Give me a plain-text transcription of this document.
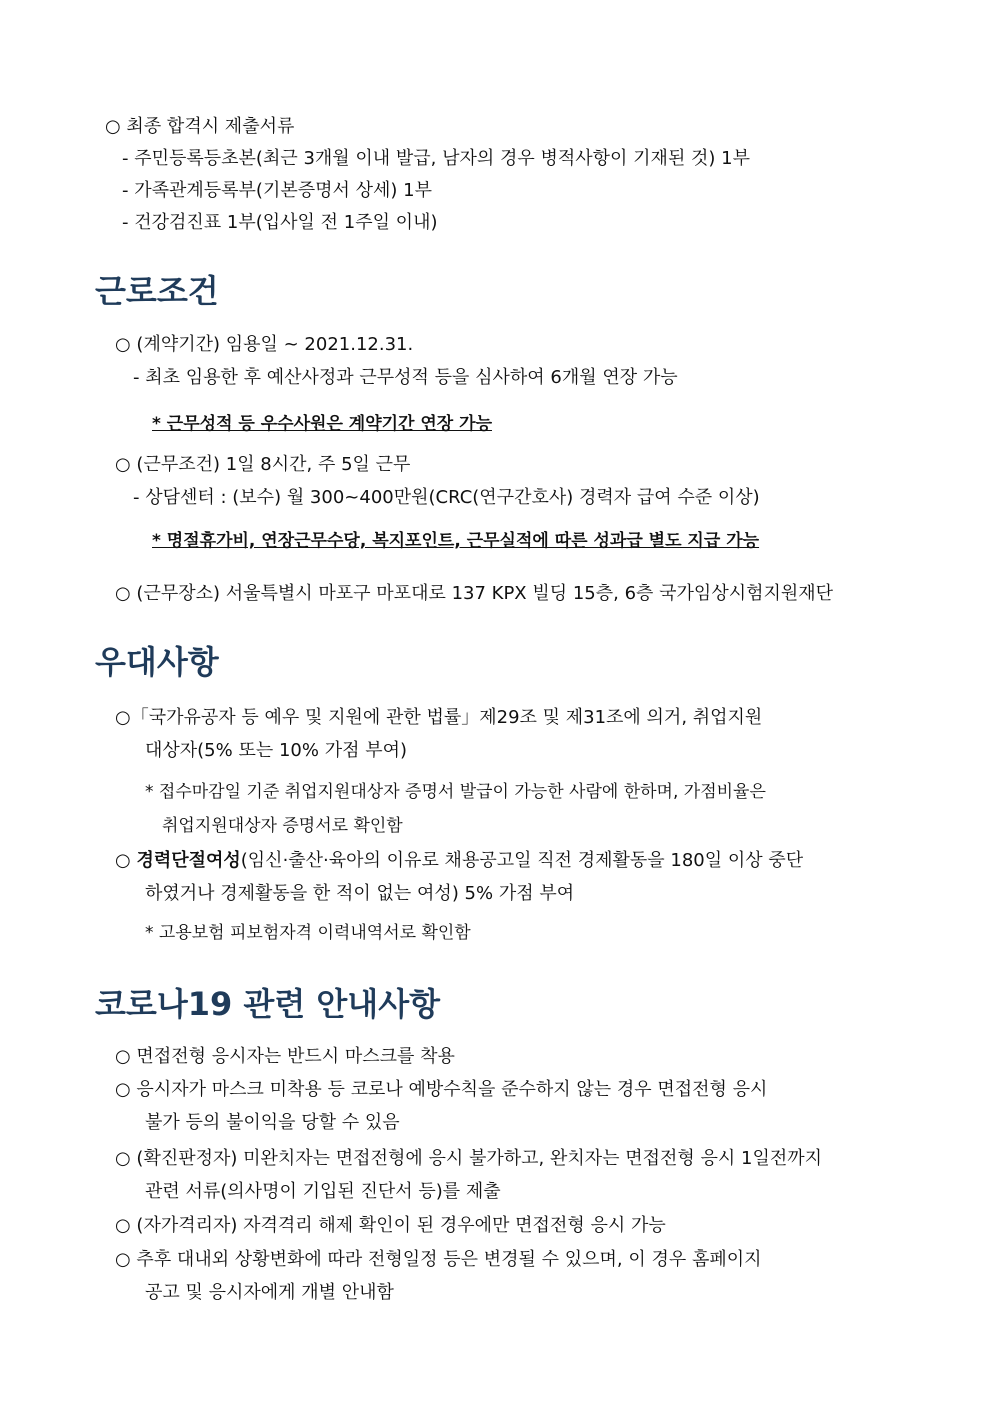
○ 최종 합격시 제출서류
- 주민등록등초본(최근 3개월 이내 발급, 남자의 경우 병적사항이 기재된 것) 1부
- 가족관계등록부(기본증명서 상세) 1부
- 건강검진표 1부(입사일 전 1주일 이내)
근로조건
○ (계약기간) 임용일 ~ 2021.12.31.
- 최초 임용한 후 예산사정과 근무성적 등을 심사하여 6개월 연장 가능
* 근무성적 등 우수사원은 계약기간 연장 가능
○ (근무조건) 1일 8시간, 주 5일 근무
- 상담센터 : (보수) 월 300~400만원(CRC(연구간호사) 경력자 급여 수준 이상)
* 명절휴가비, 연장근무수당, 복지포인트, 근무실적에 따른 성과급 별도 지급 가능
○ (근무장소) 서울특별시 마포구 마포대로 137 KPX 빌딩 15층, 6층 국가임상시험지원재단
우대사항
○「국가유공자 등 예우 및 지원에 관한 법률」제29조 및 제31조에 의거, 취업지원
대상자(5% 또는 10% 가점 부여)
* 접수마감일 기준 취업지원대상자 증명서 발급이 가능한 사람에 한하며, 가점비율은
취업지원대상자 증명서로 확인함
○ 경력단절여성(임신·출산·육아의 이유로 채용공고일 직전 경제활동을 180일 이상 중단
하였거나 경제활동을 한 적이 없는 여성) 5% 가점 부여
* 고용보험 피보험자격 이력내역서로 확인함
코로나19 관련 안내사항
○ 면접전형 응시자는 반드시 마스크를 착용
○ 응시자가 마스크 미착용 등 코로나 예방수칙을 준수하지 않는 경우 면접전형 응시
불가 등의 불이익을 당할 수 있음
○ (확진판정자) 미완치자는 면접전형에 응시 불가하고, 완치자는 면접전형 응시 1일전까지
관련 서류(의사명이 기입된 진단서 등)를 제출
○ (자가격리자) 자격격리 해제 확인이 된 경우에만 면접전형 응시 가능
○ 추후 대내외 상황변화에 따라 전형일정 등은 변경될 수 있으며, 이 경우 홈페이지
공고 및 응시자에게 개별 안내함
